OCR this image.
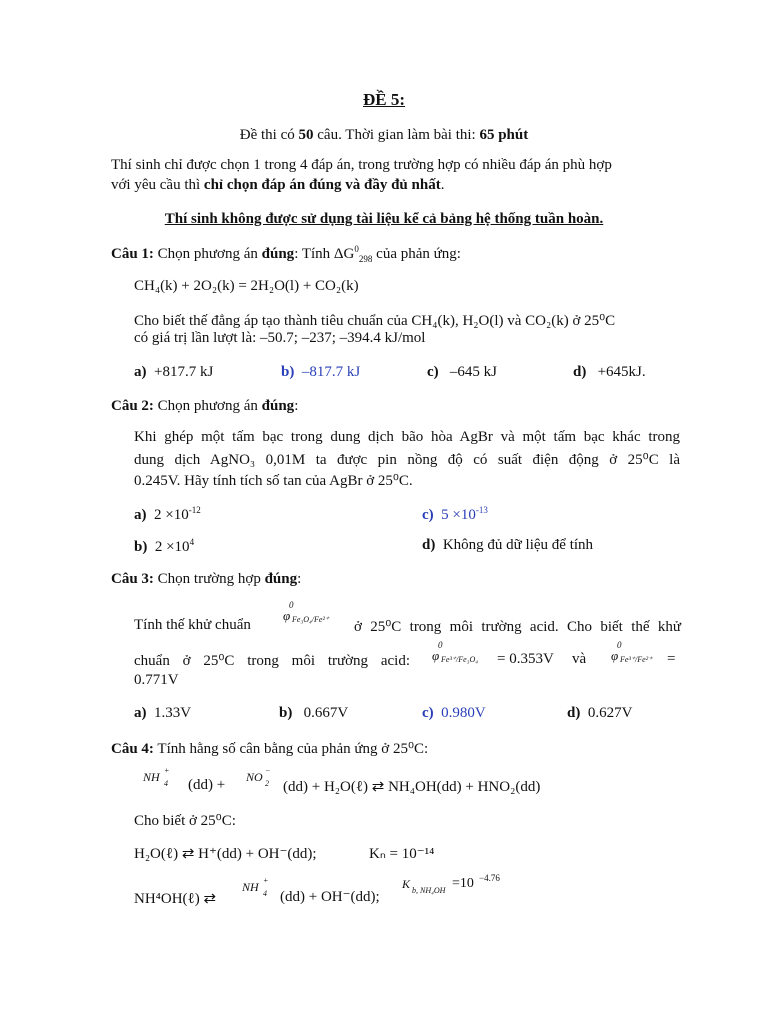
ĐỀ 5:
Đề thi có 50 câu. Thời gian làm bài thi: 65 phút
Thí sinh chỉ được chọn 1 trong 4 đáp án, trong trường hợp có nhiều đáp án phù hợp
với yêu cầu thì chỉ chọn đáp án đúng và đầy đủ nhất.
Thí sinh không được sử dụng tài liệu kể cả bảng hệ thống tuần hoàn.
Câu 1: Chọn phương án đúng: Tính $\Delta G^0_{298}$ của phản ứng:
CH₄(k) + 2O₂(k) = 2H₂O(l) + CO₂(k)
Cho biết thế đẳng áp tạo thành tiêu chuẩn của CH₄(k), H₂O(l) và CO₂(k) ở 25⁰C
có giá trị lần lượt là: –50.7; –237; –394.4 kJ/mol
a) +817.7 kJ	b) –817.7 kJ	c) –645 kJ	d) +645kJ.
Câu 2: Chọn phương án đúng:
Khi ghép một tấm bạc trong dung dịch bão hòa AgBr và một tấm bạc khác trong
dung dịch AgNO₃ 0,01M ta được pin nồng độ có suất điện động ở 25⁰C là
0.245V. Hãy tính tích số tan của AgBr ở 25⁰C.
a) $2 \times 10^{-12}$	c) $5 \times 10^{-13}$
b) $2 \times 10^4$	d) Không đủ dữ liệu để tính
Câu 3: Chọn trường hợp đúng:
Tính thế khử chuẩn
0
φ Fe₃O₄/Fe²⁺ ở 25⁰C trong môi trường acid. Cho biết thế khử
chuẩn ở 25⁰C trong môi trường acid:
0
φ Fe³⁺/Fe₃O₄ = 0.353V và
0
φ Fe³⁺/Fe²⁺ =
0.771V
a) 1.33V	b) 0.667V	c) 0.980V	d) 0.627V
Câu 4: Tính hằng số cân bằng của phản ứng ở 25⁰C:
NH +
4 (dd) + NO −
2 (dd) + H₂O(ℓ) ⇄ NH₄OH(dd) + HNO₂(dd)
Cho biết ở 25⁰C:
H₂O(ℓ) ⇄ H⁺(dd) + OH⁻(dd);	Kₙ = 10⁻¹⁴
NH⁴OH(ℓ) ⇄
NH +
4 (dd) + OH⁻(dd);
K b, NH₄OH =10 −4.76
